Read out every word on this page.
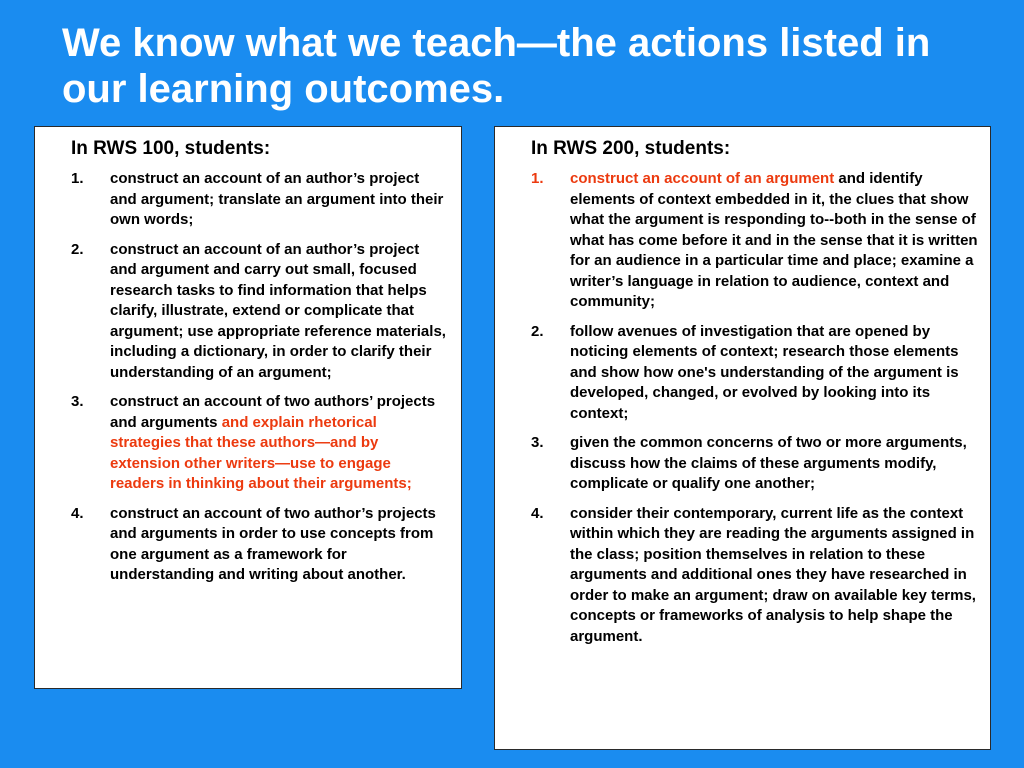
We know what we teach—the actions listed in our learning outcomes.
In RWS 100, students:
1.	construct an account of an author’s project and argument; translate an argument into their own words;
2.	construct an account of an author’s project and argument and carry out small, focused research tasks to find information that helps clarify, illustrate, extend or complicate that argument; use appropriate reference materials, including a dictionary, in order to clarify their understanding of an argument;
3.	construct an account of two authors’ projects and arguments and explain rhetorical strategies that these authors—and by extension other writers—use to engage readers in thinking about their arguments;
4.	construct an account of two author’s projects and arguments in order to use concepts from one argument as a framework for understanding and writing about another.
In RWS 200, students:
1.	construct an account of an argument and identify elements of context embedded in it, the clues that show what the argument is responding to--both in the sense of what has come before it and in the sense that it is written for an audience in a particular time and place; examine a writer’s language in relation to audience, context and community;
2.	follow avenues of investigation that are opened by noticing elements of context; research those elements and show how one's understanding of the argument is developed, changed, or evolved by looking into its context;
3.	given the common concerns of two or more arguments, discuss how the claims of these arguments modify, complicate or qualify one another;
4.	consider their contemporary, current life as the context within which they are reading the arguments assigned in the class; position themselves in relation to these arguments and additional ones they have researched in order to make an argument; draw on available key terms, concepts or frameworks of analysis to help shape the argument.
